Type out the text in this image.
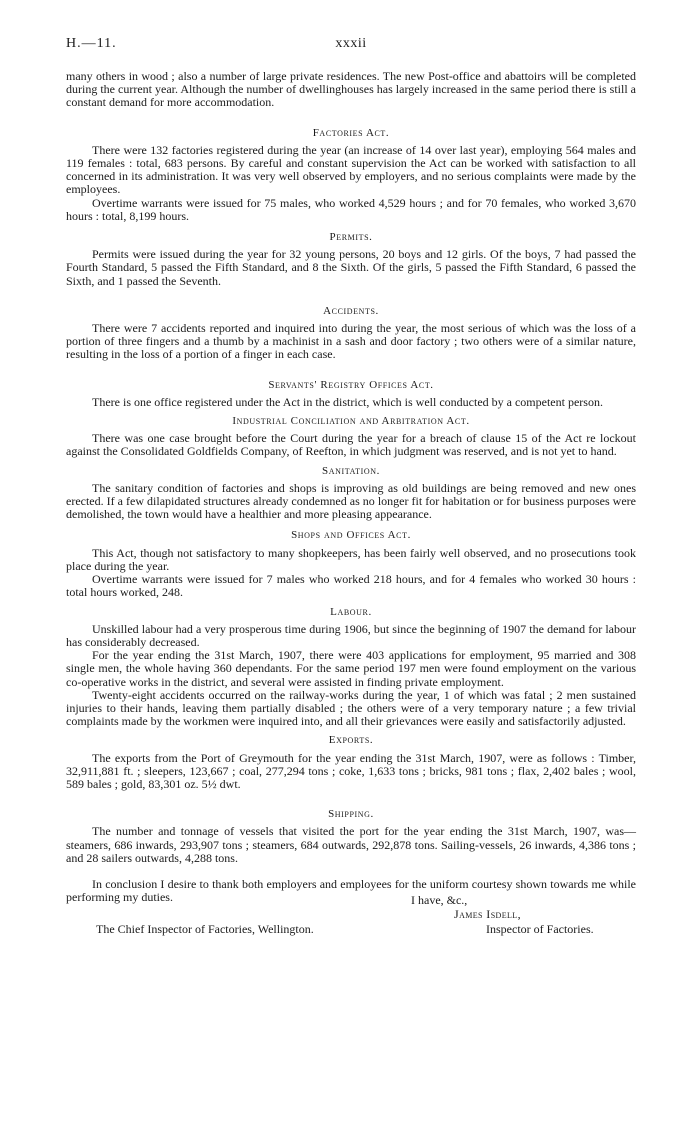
H.—11.	xxxii

many others in wood ; also a number of large private residences. The new Post-office and abattoirs will be completed during the current year. Although the number of dwellinghouses has largely increased in the same period there is still a constant demand for more accommodation.

Factories Act.

There were 132 factories registered during the year (an increase of 14 over last year), employing 564 males and 119 females : total, 683 persons. By careful and constant supervision the Act can be worked with satisfaction to all concerned in its administration. It was very well observed by employers, and no serious complaints were made by the employees.

Overtime warrants were issued for 75 males, who worked 4,529 hours ; and for 70 females, who worked 3,670 hours : total, 8,199 hours.

Permits.

Permits were issued during the year for 32 young persons, 20 boys and 12 girls. Of the boys, 7 had passed the Fourth Standard, 5 passed the Fifth Standard, and 8 the Sixth. Of the girls, 5 passed the Fifth Standard, 6 passed the Sixth, and 1 passed the Seventh.

Accidents.

There were 7 accidents reported and inquired into during the year, the most serious of which was the loss of a portion of three fingers and a thumb by a machinist in a sash and door factory ; two others were of a similar nature, resulting in the loss of a portion of a finger in each case.

Servants' Registry Offices Act.

There is one office registered under the Act in the district, which is well conducted by a competent person.

Industrial Conciliation and Arbitration Act.

There was one case brought before the Court during the year for a breach of clause 15 of the Act re lockout against the Consolidated Goldfields Company, of Reefton, in which judgment was reserved, and is not yet to hand.

Sanitation.

The sanitary condition of factories and shops is improving as old buildings are being removed and new ones erected. If a few dilapidated structures already condemned as no longer fit for habitation or for business purposes were demolished, the town would have a healthier and more pleasing appearance.

Shops and Offices Act.

This Act, though not satisfactory to many shopkeepers, has been fairly well observed, and no prosecutions took place during the year.

Overtime warrants were issued for 7 males who worked 218 hours, and for 4 females who worked 30 hours : total hours worked, 248.

Labour.

Unskilled labour had a very prosperous time during 1906, but since the beginning of 1907 the demand for labour has considerably decreased.

For the year ending the 31st March, 1907, there were 403 applications for employment, 95 married and 308 single men, the whole having 360 dependants. For the same period 197 men were found employment on the various co-operative works in the district, and several were assisted in finding private employment.

Twenty-eight accidents occurred on the railway-works during the year, 1 of which was fatal ; 2 men sustained injuries to their hands, leaving them partially disabled ; the others were of a very temporary nature ; a few trivial complaints made by the workmen were inquired into, and all their grievances were easily and satisfactorily adjusted.

Exports.

The exports from the Port of Greymouth for the year ending the 31st March, 1907, were as follows : Timber, 32,911,881 ft. ; sleepers, 123,667 ; coal, 277,294 tons ; coke, 1,633 tons ; bricks, 981 tons ; flax, 2,402 bales ; wool, 589 bales ; gold, 83,301 oz. 5½ dwt.

Shipping.

The number and tonnage of vessels that visited the port for the year ending the 31st March, 1907, was—steamers, 686 inwards, 293,907 tons ; steamers, 684 outwards, 292,878 tons. Sailing-vessels, 26 inwards, 4,386 tons ; and 28 sailers outwards, 4,288 tons.

In conclusion I desire to thank both employers and employees for the uniform courtesy shown towards me while performing my duties.	I have, &c.,
James Isdell,
Inspector of Factories.
The Chief Inspector of Factories, Wellington.
